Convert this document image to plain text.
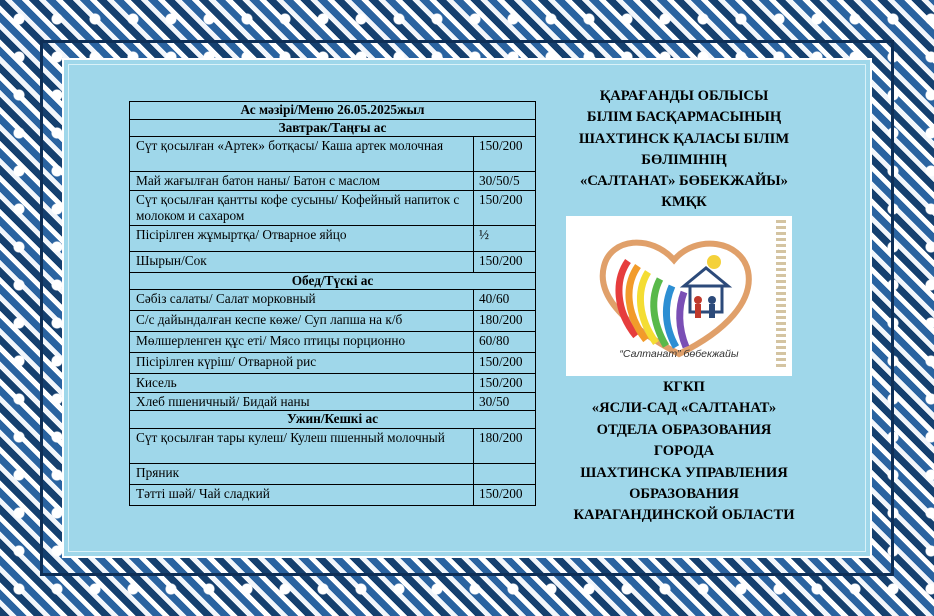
Ас мәзірі/Меню 26.05.2025жыл	
Завтрак/Таңғы ас	
Сүт қосылған «Артек» ботқасы/ Каша артек молочная	150/200
Май жағылған батон наны/ Батон с маслом	30/50/5
Сүт қосылған қантты кофе сусыны/ Кофейный напиток с молоком и сахаром	150/200
Пісірілген жұмыртқа/ Отварное яйцо	½
Шырын/Сок	150/200
Обед/Түскі ас	
Сәбіз салаты/ Салат морковный	40/60
С/с дайындалған кеспе көже/ Суп лапша на к/б	180/200
Мөлшерленген құс еті/ Мясо птицы порционно	60/80
Пісірілген күріш/ Отварной рис	150/200
Кисель	150/200
Хлеб пшеничный/ Бидай наны	30/50
Ужин/Кешкі ас	
Сүт қосылған тары кулеш/ Кулеш пшенный молочный	180/200
Пряник	
Тәтті шәй/ Чай сладкий	150/200
ҚАРАҒАНДЫ ОБЛЫСЫ
БІЛІМ БАСҚАРМАСЫНЫҢ
ШАХТИНСК ҚАЛАСЫ БІЛІМ
БӨЛІМІНІҢ
«САЛТАНАТ» БӨБЕКЖАЙЫ»
КМҚК
“Салтанат” бөбекжайы
КГКП
«ЯСЛИ-САД «САЛТАНАТ»
ОТДЕЛА ОБРАЗОВАНИЯ
ГОРОДА
ШАХТИНСКА УПРАВЛЕНИЯ
ОБРАЗОВАНИЯ
КАРАГАНДИНСКОЙ ОБЛАСТИ
